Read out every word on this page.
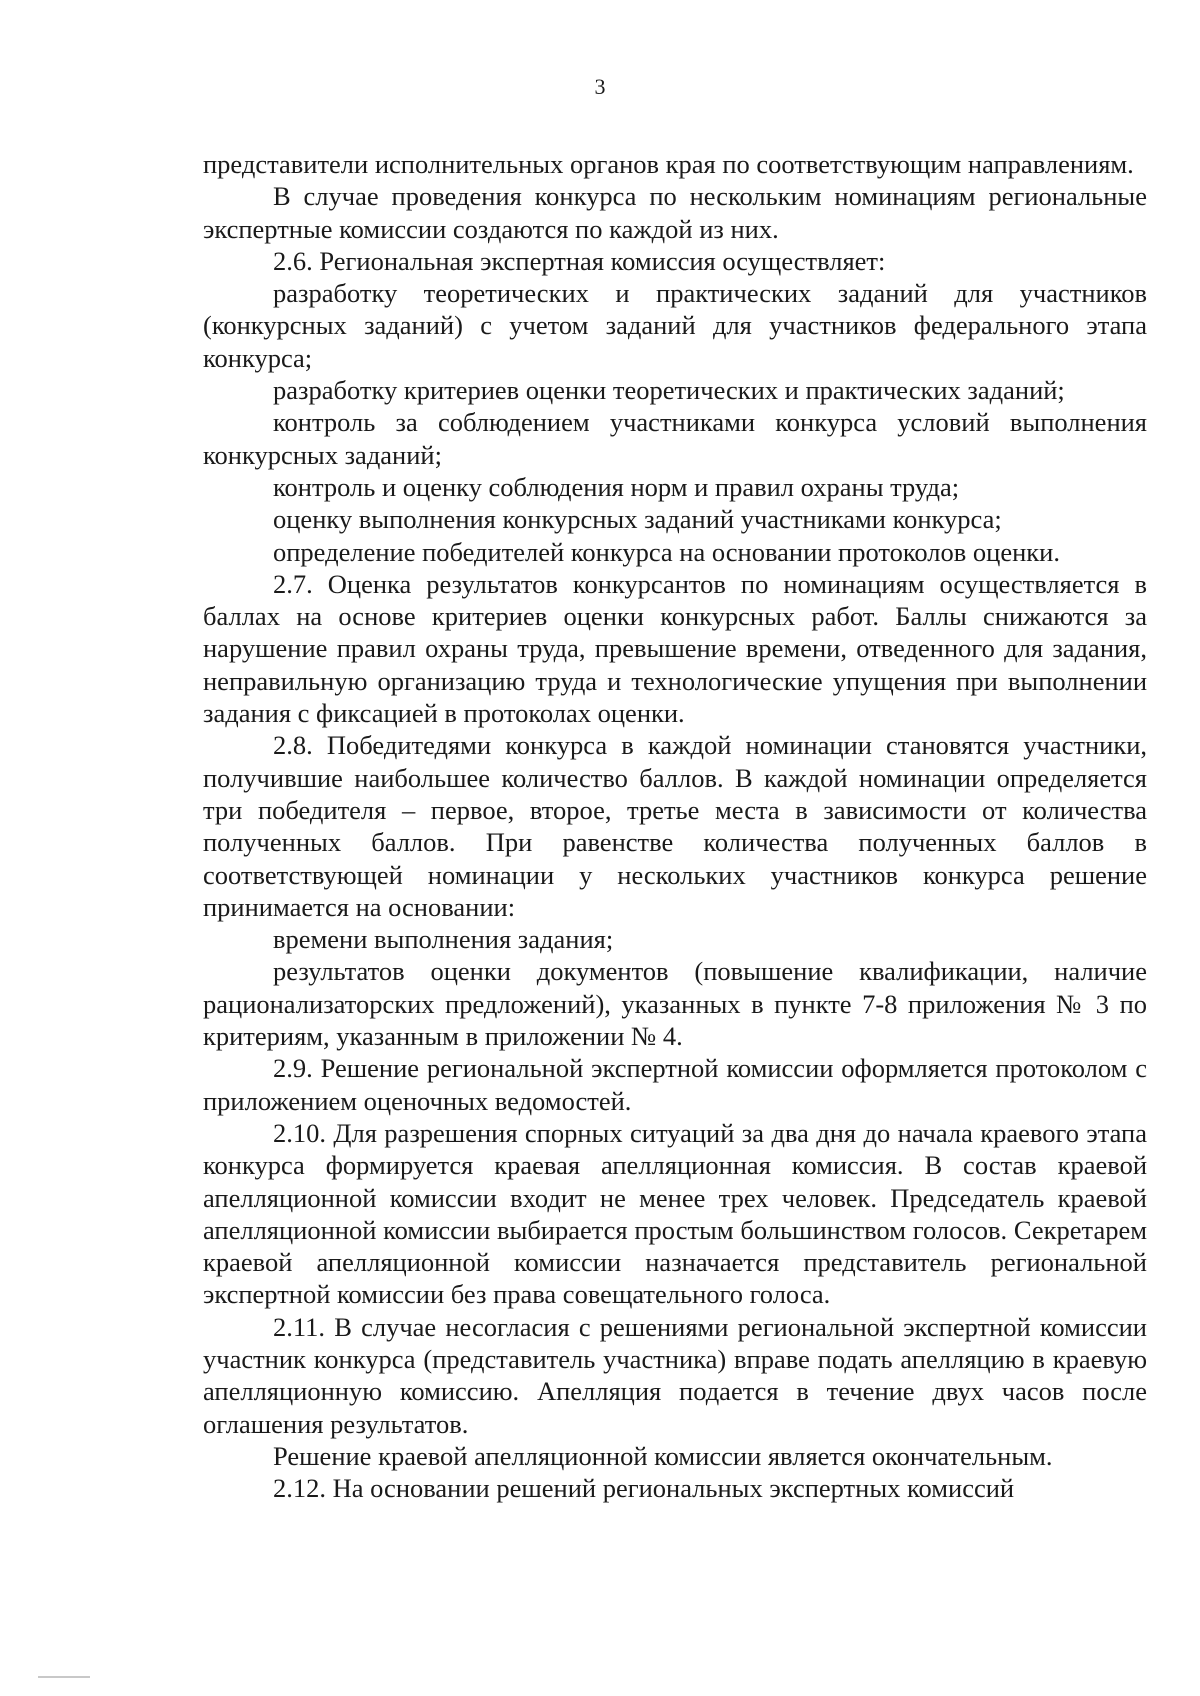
3

представители исполнительных органов края по соответствующим направлениям.

В случае проведения конкурса по нескольким номинациям региональные экспертные комиссии создаются по каждой из них.

2.6. Региональная экспертная комиссия осуществляет:

разработку теоретических и практических заданий для участников (конкурсных заданий) с учетом заданий для участников федерального этапа конкурса;

разработку критериев оценки теоретических и практических заданий;

контроль за соблюдением участниками конкурса условий выполнения конкурсных заданий;

контроль и оценку соблюдения норм и правил охраны труда;

оценку выполнения конкурсных заданий участниками конкурса;

определение победителей конкурса на основании протоколов оценки.

2.7. Оценка результатов конкурсантов по номинациям осуществляется в баллах на основе критериев оценки конкурсных работ. Баллы снижаются за нарушение правил охраны труда, превышение времени, отведенного для задания, неправильную организацию труда и технологические упущения при выполнении задания с фиксацией в протоколах оценки.

2.8. Победитедями конкурса в каждой номинации становятся участники, получившие наибольшее количество баллов. В каждой номинации определяется три победителя – первое, второе, третье места в зависимости от количества полученных баллов. При равенстве количества полученных баллов в соответствующей номинации у нескольких участников конкурса решение принимается на основании:

времени выполнения задания;

результатов оценки документов (повышение квалификации, наличие рационализаторских предложений), указанных в пункте 7-8 приложения № 3 по критериям, указанным в приложении № 4.

2.9. Решение региональной экспертной комиссии оформляется протоколом с приложением оценочных ведомостей.

2.10. Для разрешения спорных ситуаций за два дня до начала краевого этапа конкурса формируется краевая апелляционная комиссия. В состав краевой апелляционной комиссии входит не менее трех человек. Председатель краевой апелляционной комиссии выбирается простым большинством голосов. Секретарем краевой апелляционной комиссии назначается представитель региональной экспертной комиссии без права совещательного голоса.

2.11. В случае несогласия с решениями региональной экспертной комиссии участник конкурса (представитель участника) вправе подать апелляцию в краевую апелляционную комиссию. Апелляция подается в течение двух часов после оглашения результатов.

Решение краевой апелляционной комиссии является окончательным.

2.12. На основании решений региональных экспертных комиссий
